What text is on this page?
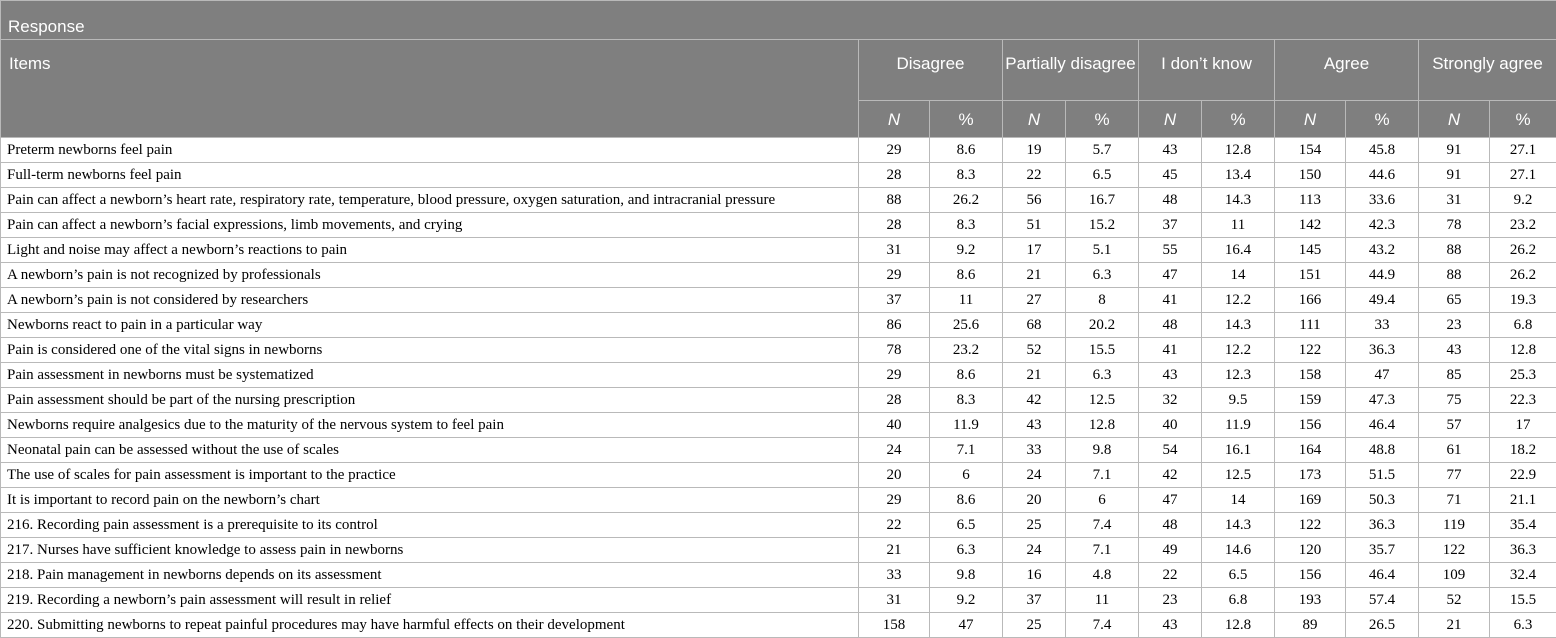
Response										
Items	Disagree		Partially disagree		I don’t know		Agree		Strongly agree	
	N	%	N	%	N	%	N	%	N	%
Preterm newborns feel pain	29	8.6	19	5.7	43	12.8	154	45.8	91	27.1
Full-term newborns feel pain	28	8.3	22	6.5	45	13.4	150	44.6	91	27.1
Pain can affect a newborn’s heart rate, respiratory rate, temperature, blood pressure, oxygen saturation, and intracranial pressure	88	26.2	56	16.7	48	14.3	113	33.6	31	9.2
Pain can affect a newborn’s facial expressions, limb movements, and crying	28	8.3	51	15.2	37	11	142	42.3	78	23.2
Light and noise may affect a newborn’s reactions to pain	31	9.2	17	5.1	55	16.4	145	43.2	88	26.2
A newborn’s pain is not recognized by professionals	29	8.6	21	6.3	47	14	151	44.9	88	26.2
A newborn’s pain is not considered by researchers	37	11	27	8	41	12.2	166	49.4	65	19.3
Newborns react to pain in a particular way	86	25.6	68	20.2	48	14.3	111	33	23	6.8
Pain is considered one of the vital signs in newborns	78	23.2	52	15.5	41	12.2	122	36.3	43	12.8
Pain assessment in newborns must be systematized	29	8.6	21	6.3	43	12.3	158	47	85	25.3
Pain assessment should be part of the nursing prescription	28	8.3	42	12.5	32	9.5	159	47.3	75	22.3
Newborns require analgesics due to the maturity of the nervous system to feel pain	40	11.9	43	12.8	40	11.9	156	46.4	57	17
Neonatal pain can be assessed without the use of scales	24	7.1	33	9.8	54	16.1	164	48.8	61	18.2
The use of scales for pain assessment is important to the practice	20	6	24	7.1	42	12.5	173	51.5	77	22.9
It is important to record pain on the newborn’s chart	29	8.6	20	6	47	14	169	50.3	71	21.1
216. Recording pain assessment is a prerequisite to its control	22	6.5	25	7.4	48	14.3	122	36.3	119	35.4
217. Nurses have sufficient knowledge to assess pain in newborns	21	6.3	24	7.1	49	14.6	120	35.7	122	36.3
218. Pain management in newborns depends on its assessment	33	9.8	16	4.8	22	6.5	156	46.4	109	32.4
219. Recording a newborn’s pain assessment will result in relief	31	9.2	37	11	23	6.8	193	57.4	52	15.5
220. Submitting newborns to repeat painful procedures may have harmful effects on their development	158	47	25	7.4	43	12.8	89	26.5	21	6.3
